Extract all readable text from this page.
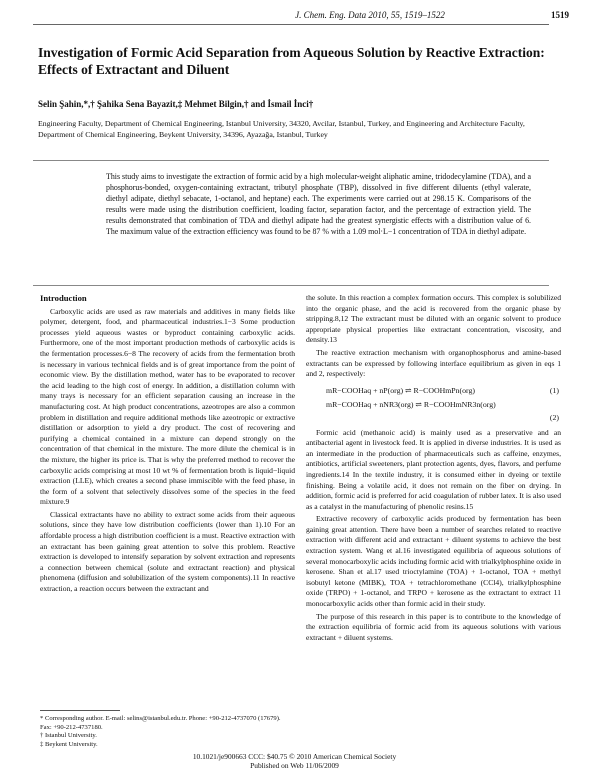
J. Chem. Eng. Data 2010, 55, 1519–1522	1519
Investigation of Formic Acid Separation from Aqueous Solution by Reactive Extraction: Effects of Extractant and Diluent
Selin Şahin,*,† Şahika Sena Bayazit,‡ Mehmet Bilgin,† and İsmail İnci†
Engineering Faculty, Department of Chemical Engineering, Istanbul University, 34320, Avcilar, Istanbul, Turkey, and Engineering and Architecture Faculty, Department of Chemical Engineering, Beykent University, 34396, Ayazağa, Istanbul, Turkey
This study aims to investigate the extraction of formic acid by a high molecular-weight aliphatic amine, tridodecylamine (TDA), and a phosphorus-bonded, oxygen-containing extractant, tributyl phosphate (TBP), dissolved in five different diluents (ethyl valerate, diethyl adipate, diethyl sebacate, 1-octanol, and heptane) each. The experiments were carried out at 298.15 K. Comparisons of the results were made using the distribution coefficient, loading factor, separation factor, and the percentage of extraction yield. The results demonstrated that combination of TDA and diethyl adipate had the greatest synergistic effects with a distribution value of 6. The maximum value of the extraction efficiency was found to be 87 % with a 1.09 mol·L−1 concentration of TDA in diethyl adipate.
Introduction

Carboxylic acids are used as raw materials and additives in many fields like polymer, detergent, food, and pharmaceutical industries.1−3 Some production processes yield aqueous wastes or byproduct containing carboxylic acids. Furthermore, one of the most important production methods of carboxylic acids is the fermentation processes.6−8 The recovery of acids from the fermentation broth is necessary in various technical fields and is of great importance from the point of economic view. By the distillation method, water has to be evaporated to recover the acid leading to the high cost of energy. In addition, a distillation column with many trays is necessary for an efficient separation causing an increase in the manufacturing cost. At high product concentrations, azeotropes are also a common problem in distillation and require additional methods like azeotropic or extractive distillation or adsorption to yield a dry product. The cost of recovering and purifying a chemical contained in a mixture can depend strongly on the concentration of that chemical in the mixture. The more dilute the chemical is in the mixture, the higher its price is. That is why the preferred method to recover the carboxylic acids comprising at most 10 wt % of fermentation broth is liquid−liquid extraction (LLE), which creates a second phase immiscible with the feed phase, in the form of a solvent that selectively dissolves some of the species in the feed mixture.9

Classical extractants have no ability to extract some acids from their aqueous solutions, since they have low distribution coefficients (lower than 1).10 For an affordable process a high distribution coefficient is a must. Reactive extraction with an extractant has been gaining great attention to solve this problem. Reactive extraction is developed to intensify separation by solvent extraction and represents a connection between chemical (solute and extractant reaction) and physical phenomena (diffusion and solubilization of the system components).11 In reactive extraction, a reaction occurs between the extractant and

the solute. In this reaction a complex formation occurs. This complex is solubilized into the organic phase, and the acid is recovered from the organic phase by stripping.8,12 The extractant must be diluted with an organic solvent to produce appropriate physical properties like extractant concentration, viscosity, and density.13

The reactive extraction mechanism with organophosphorus and amine-based extractants can be expressed by following interface equilibrium as given in eqs 1 and 2, respectively:

mR−COOHaq + nP(org) ⇌ R−COOHmPn(org)	(1)
mR−COOHaq + nNR3(org) ⇌ R−COOHmNR3n(org)
(2)

Formic acid (methanoic acid) is mainly used as a preservative and an antibacterial agent in livestock feed. It is applied in diverse industries. It is used as an intermediate in the production of pharmaceuticals such as caffeine, enzymes, antibiotics, artificial sweeteners, plant protection agents, dyes, flavors, and perfume ingredients.14 In the textile industry, it is consumed either in dyeing or textile finishing. Being a volatile acid, it does not remain on the fiber on drying. In addition, formic acid is preferred for acid coagulation of rubber latex. It is also used as a catalyst in the manufacturing of phenolic resins.15

Extractive recovery of carboxylic acids produced by fermentation has been gaining great attention. There have been a number of searches related to reactive extraction with different acid and extractant + diluent systems to achieve the best extraction system. Wang et al.16 investigated equilibria of aqueous solutions of several monocarboxylic acids including formic acid with trialkylphosphine oxide in kerosene. Shan et al.17 used trioctylamine (TOA) + 1-octanol, TOA + methyl isobutyl ketone (MIBK), TOA + tetrachloromethane (CCl4), trialkylphosphine oxide (TRPO) + 1-octanol, and TRPO + kerosene as the extractant to extract 11 monocarboxylic acids other than formic acid in their study.

The purpose of this research in this paper is to contribute to the knowledge of the extraction equilibria of formic acid from its aqueous solutions with various extractant + diluent systems.

* Corresponding author. E-mail: selins@istanbul.edu.tr. Phone: +90-212-4737070 (17679). Fax: +90-212-4737180.
† Istanbul University.
‡ Beykent University.
10.1021/je900663 CCC: $40.75 © 2010 American Chemical Society
Published on Web 11/06/2009
